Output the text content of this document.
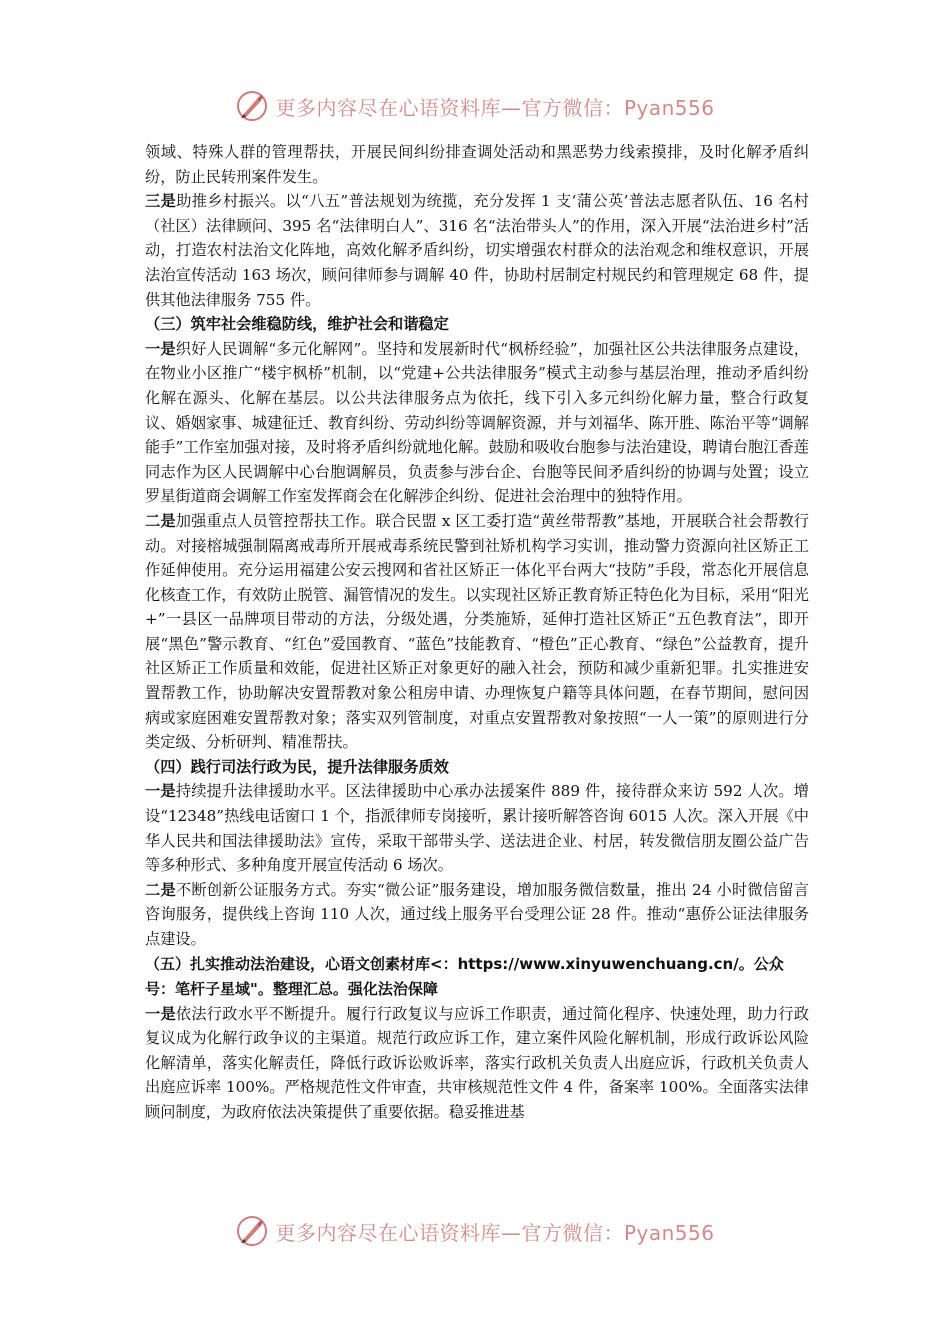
更多内容尽在心语资料库—官方微信：Pyan556

领域、特殊人群的管理帮扶，开展民间纠纷排查调处活动和黑恶势力线索摸排，及时化解矛盾纠纷，防止民转刑案件发生。

三是助推乡村振兴。以“八五”普法规划为统揽，充分发挥 1 支‘蒲公英’普法志愿者队伍、16 名村（社区）法律顾问、395 名“法律明白人”、316 名“法治带头人”的作用，深入开展“法治进乡村”活动，打造农村法治文化阵地，高效化解矛盾纠纷，切实增强农村群众的法治观念和维权意识，开展法治宣传活动 163 场次，顾问律师参与调解 40 件，协助村居制定村规民约和管理规定 68 件，提供其他法律服务 755 件。

（三）筑牢社会维稳防线，维护社会和谐稳定

一是织好人民调解“多元化解网”。坚持和发展新时代“枫桥经验”，加强社区公共法律服务点建设，在物业小区推广“楼宇枫桥”机制，以“党建+公共法律服务”模式主动参与基层治理，推动矛盾纠纷化解在源头、化解在基层。以公共法律服务点为依托，线下引入多元纠纷化解力量，整合行政复议、婚姻家事、城建征迁、教育纠纷、劳动纠纷等调解资源，并与刘福华、陈开胜、陈治平等“调解能手”工作室加强对接，及时将矛盾纠纷就地化解。鼓励和吸收台胞参与法治建设，聘请台胞江香莲同志作为区人民调解中心台胞调解员，负责参与涉台企、台胞等民间矛盾纠纷的协调与处置；设立罗星街道商会调解工作室发挥商会在化解涉企纠纷、促进社会治理中的独特作用。

二是加强重点人员管控帮扶工作。联合民盟 x 区工委打造“黄丝带帮教”基地，开展联合社会帮教行动。对接榕城强制隔离戒毒所开展戒毒系统民警到社矫机构学习实训，推动警力资源向社区矫正工作延伸使用。充分运用福建公安云搜网和省社区矫正一体化平台两大“技防”手段，常态化开展信息化核查工作，有效防止脱管、漏管情况的发生。以实现社区矫正教育矫正特色化为目标，采用“阳光+”一县区一品牌项目带动的方法，分级处遇，分类施矫，延伸打造社区矫正“五色教育法”，即开展“黑色”警示教育、“红色”爱国教育、“蓝色”技能教育、“橙色”正心教育、“绿色”公益教育，提升社区矫正工作质量和效能，促进社区矫正对象更好的融入社会，预防和减少重新犯罪。扎实推进安置帮教工作，协助解决安置帮教对象公租房申请、办理恢复户籍等具体问题，在春节期间，慰问因病或家庭困难安置帮教对象；落实双列管制度，对重点安置帮教对象按照“一人一策”的原则进行分类定级、分析研判、精准帮扶。

（四）践行司法行政为民，提升法律服务质效

一是持续提升法律援助水平。区法律援助中心承办法援案件 889 件，接待群众来访 592 人次。增设“12348”热线电话窗口 1 个，指派律师专岗接听，累计接听解答咨询 6015 人次。深入开展《中华人民共和国法律援助法》宣传，采取干部带头学、送法进企业、村居，转发微信朋友圈公益广告等多种形式、多种角度开展宣传活动 6 场次。

二是不断创新公证服务方式。夯实“微公证”服务建设，增加服务微信数量，推出 24 小时微信留言咨询服务，提供线上咨询 110 人次，通过线上服务平台受理公证 28 件。推动“惠侨公证法律服务点建设。

（五）扎实推动法治建设，心语文创素材库<：https://www.xinyuwenchuang.cn/。公众号：笔杆子星域"。整理汇总。强化法治保障

一是依法行政水平不断提升。履行行政复议与应诉工作职责，通过简化程序、快速处理，助力行政复议成为化解行政争议的主渠道。规范行政应诉工作，建立案件风险化解机制，形成行政诉讼风险化解清单，落实化解责任，降低行政诉讼败诉率，落实行政机关负责人出庭应诉，行政机关负责人出庭应诉率 100%。严格规范性文件审查，共审核规范性文件 4 件，备案率 100%。全面落实法律顾问制度，为政府依法决策提供了重要依据。稳妥推进基

更多内容尽在心语资料库—官方微信：Pyan556
